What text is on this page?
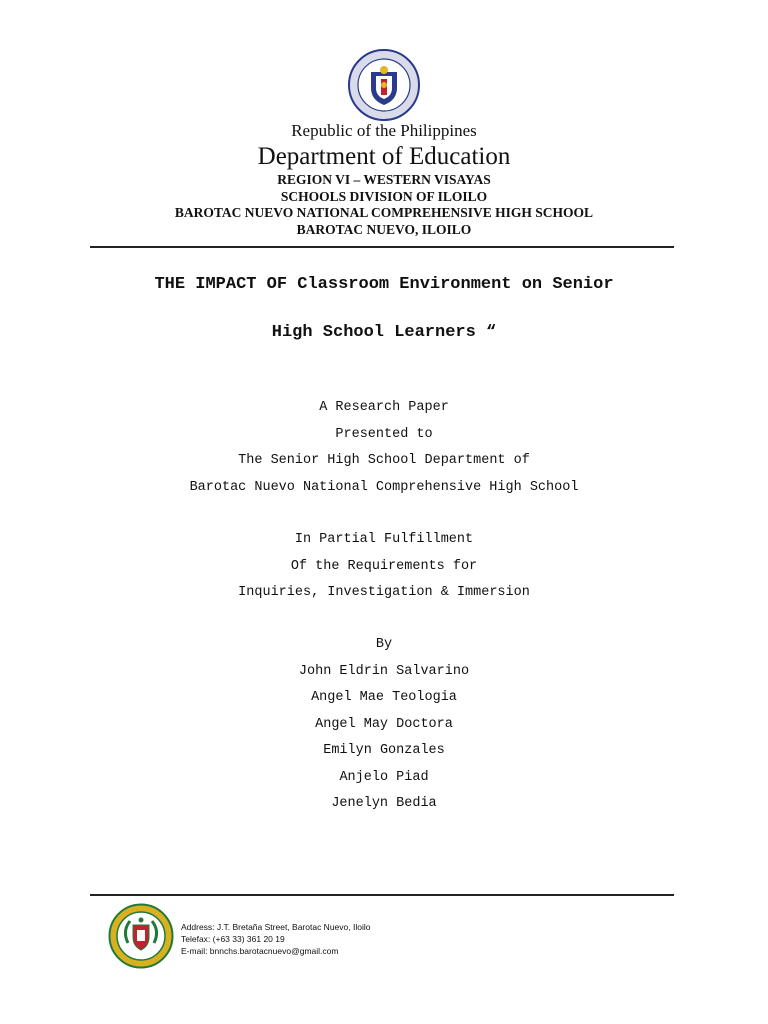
Republic of the Philippines
Department of Education
REGION VI – WESTERN VISAYAS
SCHOOLS DIVISION OF ILOILO
BAROTAC NUEVO NATIONAL COMPREHENSIVE HIGH SCHOOL
BAROTAC NUEVO, ILOILO
THE IMPACT OF Classroom Environment on Senior
High School Learners “
A Research Paper
Presented to
The Senior High School Department of
Barotac Nuevo National Comprehensive High School
In Partial Fulfillment
Of the Requirements for
Inquiries, Investigation & Immersion
By
John Eldrin Salvarino
Angel Mae Teologia
Angel May Doctora
Emilyn Gonzales
Anjelo Piad
Jenelyn Bedia
Address: J.T. Bretaña Street, Barotac Nuevo, Iloilo
Telefax: (+63 33) 361 20 19
E-mail: bnnchs.barotacnuevo@gmail.com
